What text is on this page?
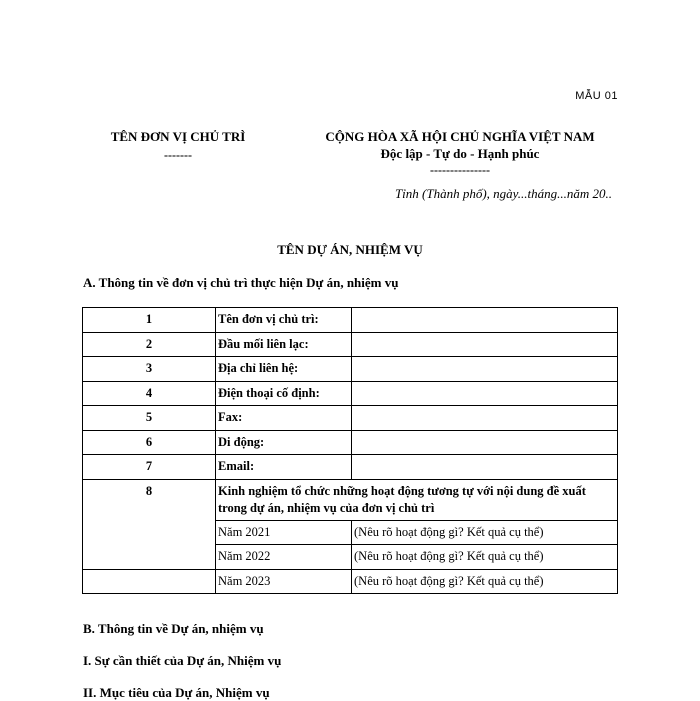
MẪU 01
TÊN ĐƠN VỊ CHỦ TRÌ
-------
CỘNG HÒA XÃ HỘI CHỦ NGHĨA VIỆT NAM
Độc lập - Tự do - Hạnh phúc
---------------
Tỉnh (Thành phố), ngày...tháng...năm 20..
TÊN DỰ ÁN, NHIỆM VỤ
A. Thông tin về đơn vị chủ trì thực hiện Dự án, nhiệm vụ
1	Tên đơn vị chủ trì:	
2	Đầu mối liên lạc:	
3	Địa chỉ liên hệ:	
4	Điện thoại cố định:	
5	Fax:	
6	Di động:	
7	Email:	
8	Kinh nghiệm tổ chức những hoạt động tương tự với nội dung đề xuất trong dự án, nhiệm vụ của đơn vị chủ trì	
	Năm 2021	(Nêu rõ hoạt động gì? Kết quả cụ thể)
	Năm 2022	(Nêu rõ hoạt động gì? Kết quả cụ thể)
	Năm 2023	(Nêu rõ hoạt động gì? Kết quả cụ thể)
B. Thông tin về Dự án, nhiệm vụ
I. Sự cần thiết của Dự án, Nhiệm vụ
II. Mục tiêu của Dự án, Nhiệm vụ
